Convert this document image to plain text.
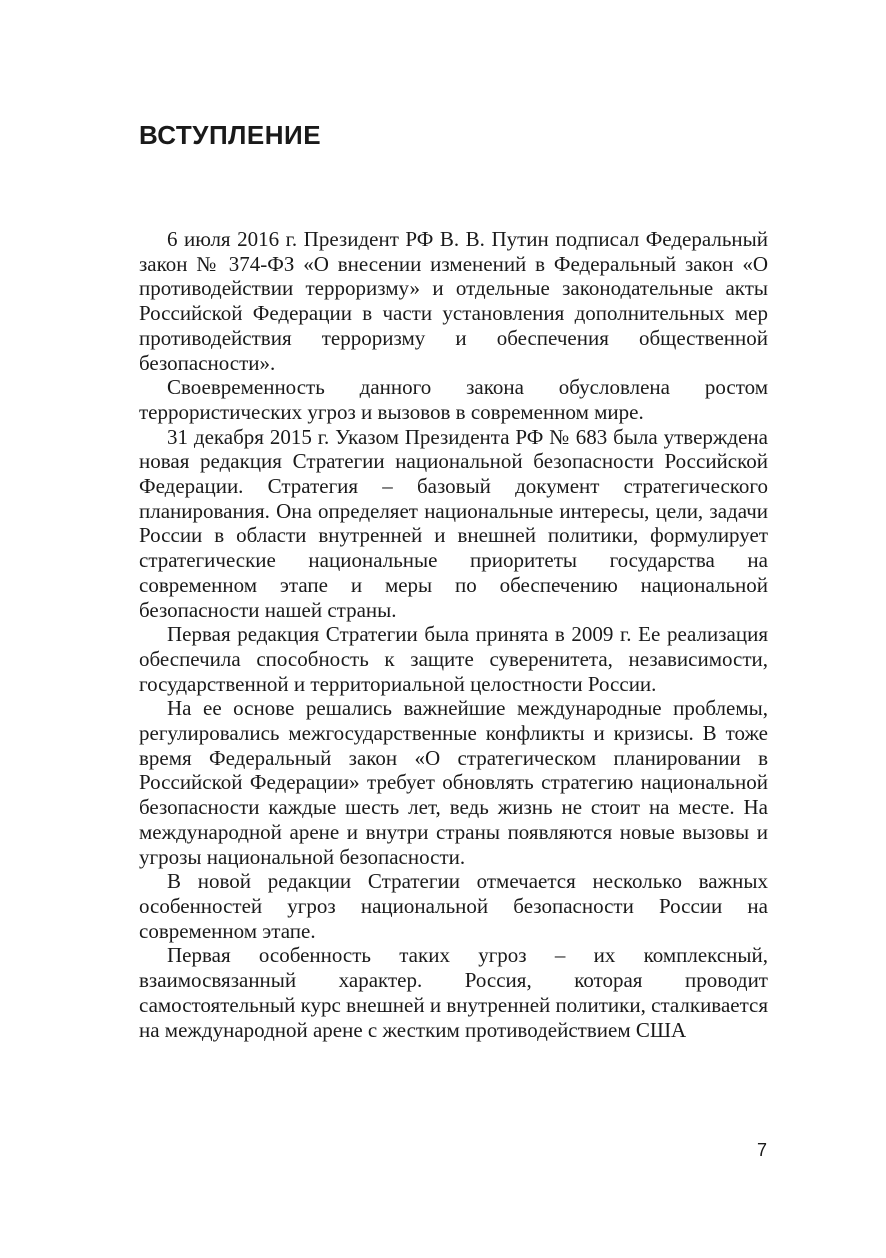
ВСТУПЛЕНИЕ

6 июля 2016 г. Президент РФ В. В. Путин подписал Федеральный закон № 374-ФЗ «О внесении изменений в Федеральный закон «О противодействии терроризму» и отдельные законодательные акты Российской Федерации в части установления дополнительных мер противодействия терроризму и обеспечения общественной безопасности».

Своевременность данного закона обусловлена ростом террористических угроз и вызовов в современном мире.

31 декабря 2015 г. Указом Президента РФ № 683 была утверждена новая редакция Стратегии национальной безопасности Российской Федерации. Стратегия – базовый документ стратегического планирования. Она определяет национальные интересы, цели, задачи России в области внутренней и внешней политики, формулирует стратегические национальные приоритеты государства на современном этапе и меры по обеспечению национальной безопасности нашей страны.

Первая редакция Стратегии была принята в 2009 г. Ее реализация обеспечила способность к защите суверенитета, независимости, государственной и территориальной целостности России.

На ее основе решались важнейшие международные проблемы, регулировались межгосударственные конфликты и кризисы. В тоже время Федеральный закон «О стратегическом планировании в Российской Федерации» требует обновлять стратегию национальной безопасности каждые шесть лет, ведь жизнь не стоит на месте. На международной арене и внутри страны появляются новые вызовы и угрозы национальной безопасности.

В новой редакции Стратегии отмечается несколько важных особенностей угроз национальной безопасности России на современном этапе.

Первая особенность таких угроз – их комплексный, взаимосвязанный характер. Россия, которая проводит самостоятельный курс внешней и внутренней политики, сталкивается на международной арене с жестким противодействием США

7
